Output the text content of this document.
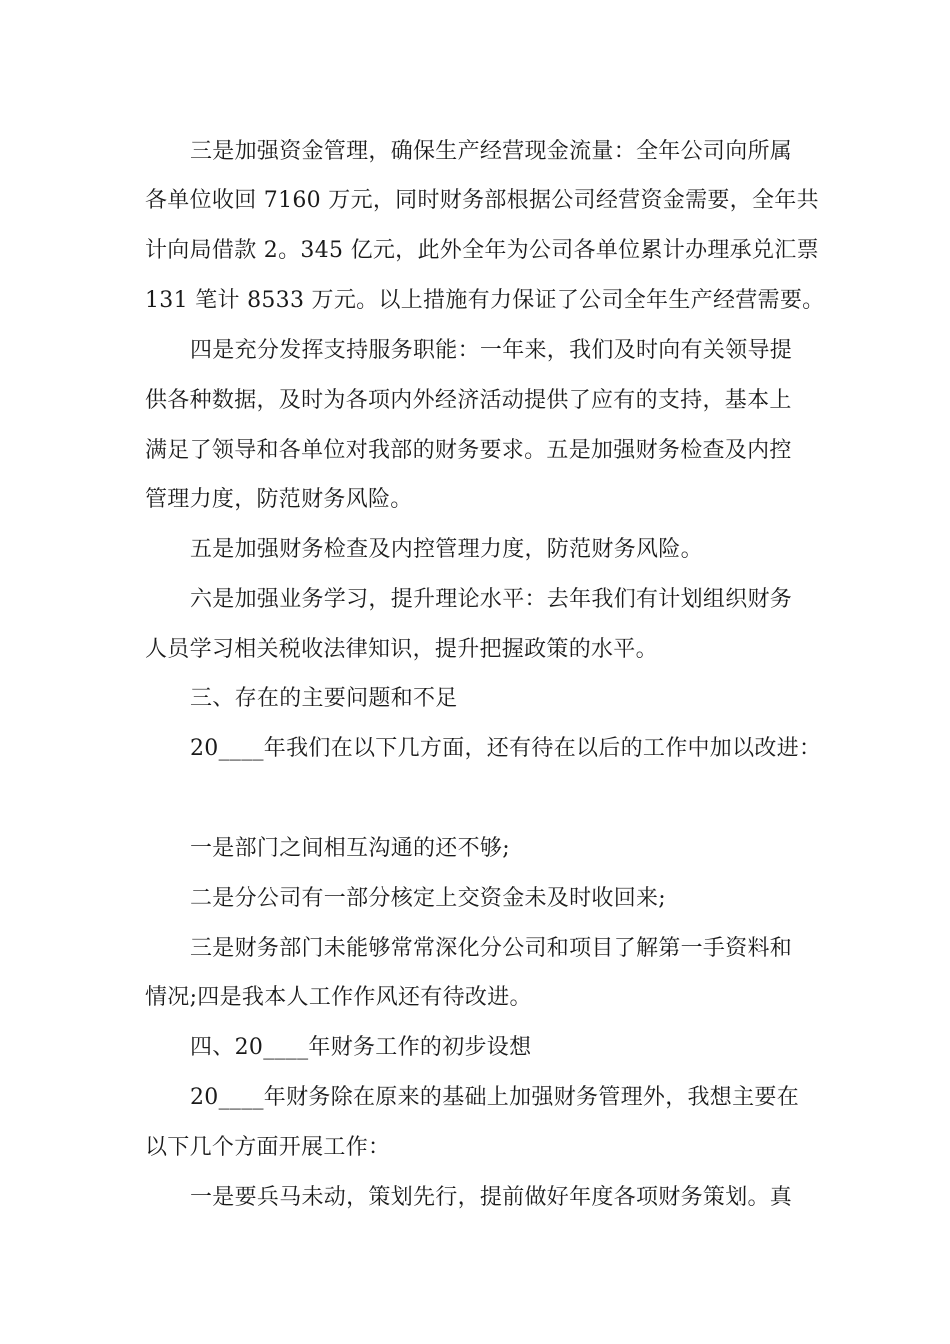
三是加强资金管理，确保生产经营现金流量：全年公司向所属
各单位收回 7160 万元，同时财务部根据公司经营资金需要，全年共
计向局借款 2。345 亿元，此外全年为公司各单位累计办理承兑汇票
131 笔计 8533 万元。以上措施有力保证了公司全年生产经营需要。
四是充分发挥支持服务职能：一年来，我们及时向有关领导提
供各种数据，及时为各项内外经济活动提供了应有的支持，基本上
满足了领导和各单位对我部的财务要求。五是加强财务检查及内控
管理力度，防范财务风险。
五是加强财务检查及内控管理力度，防范财务风险。
六是加强业务学习，提升理论水平：去年我们有计划组织财务
人员学习相关税收法律知识，提升把握政策的水平。
三、存在的主要问题和不足
20____年我们在以下几方面，还有待在以后的工作中加以改进：
一是部门之间相互沟通的还不够;
二是分公司有一部分核定上交资金未及时收回来;
三是财务部门未能够常常深化分公司和项目了解第一手资料和
情况;四是我本人工作作风还有待改进。
四、20____年财务工作的初步设想
20____年财务除在原来的基础上加强财务管理外，我想主要在
以下几个方面开展工作：
一是要兵马未动，策划先行，提前做好年度各项财务策划。真
